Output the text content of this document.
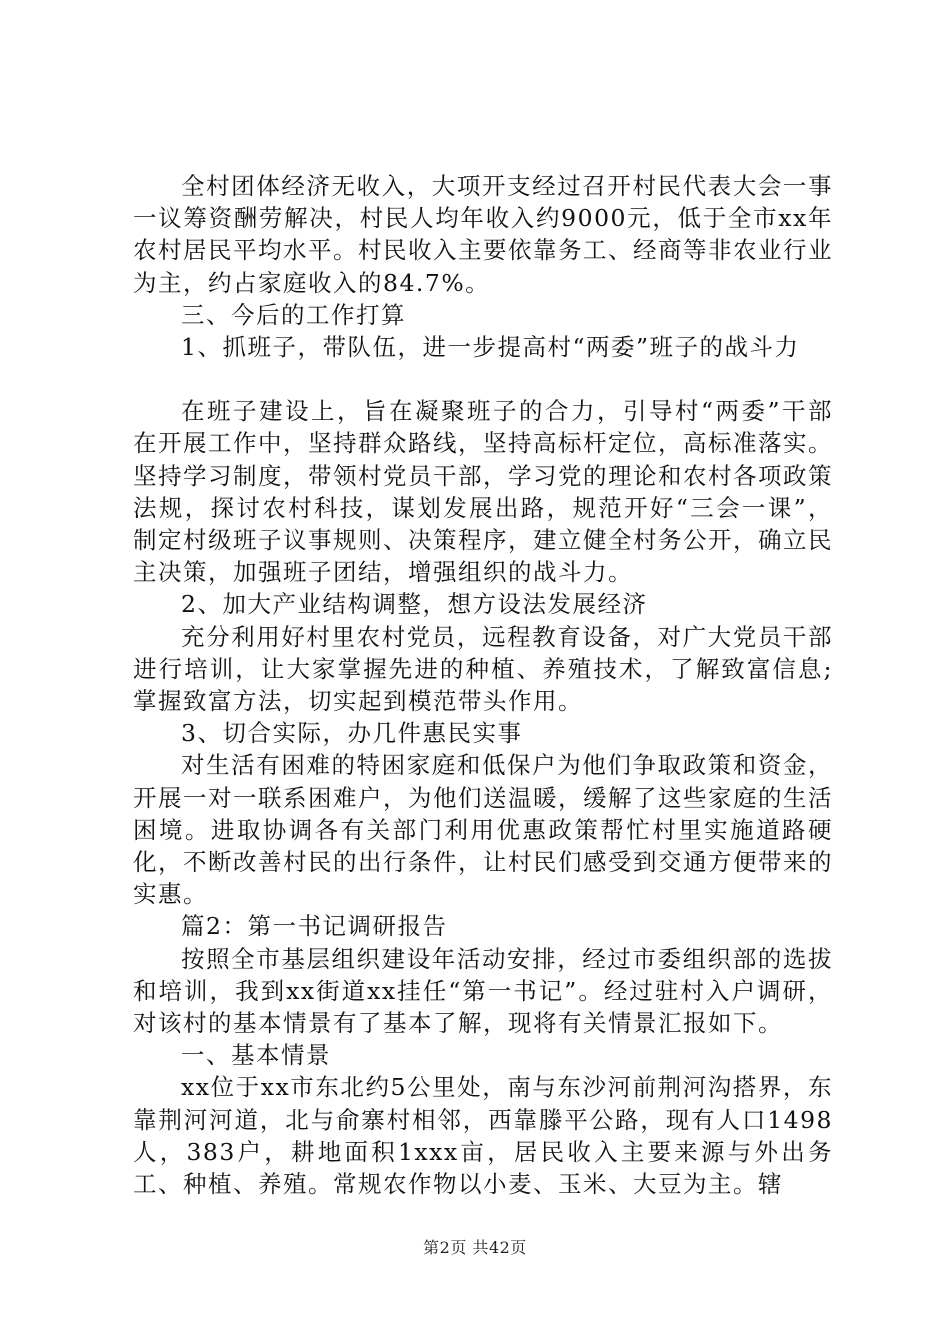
全村团体经济无收入，大项开支经过召开村民代表大会一事一议筹资酬劳解决，村民人均年收入约9000元，低于全市xx年农村居民平均水平。村民收入主要依靠务工、经商等非农业行业为主，约占家庭收入的84.7%。

三、今后的工作打算

1、抓班子，带队伍，进一步提高村“两委”班子的战斗力

在班子建设上，旨在凝聚班子的合力，引导村“两委”干部在开展工作中，坚持群众路线，坚持高标杆定位，高标准落实。坚持学习制度，带领村党员干部，学习党的理论和农村各项政策法规，探讨农村科技，谋划发展出路，规范开好“三会一课”，制定村级班子议事规则、决策程序，建立健全村务公开，确立民主决策，加强班子团结，增强组织的战斗力。

2、加大产业结构调整，想方设法发展经济

充分利用好村里农村党员，远程教育设备，对广大党员干部进行培训，让大家掌握先进的种植、养殖技术，了解致富信息;掌握致富方法，切实起到模范带头作用。

3、切合实际，办几件惠民实事

对生活有困难的特困家庭和低保户为他们争取政策和资金，开展一对一联系困难户，为他们送温暖，缓解了这些家庭的生活困境。进取协调各有关部门利用优惠政策帮忙村里实施道路硬化，不断改善村民的出行条件，让村民们感受到交通方便带来的实惠。

篇2：第一书记调研报告

按照全市基层组织建设年活动安排，经过市委组织部的选拔和培训，我到xx街道xx挂任“第一书记”。经过驻村入户调研，对该村的基本情景有了基本了解，现将有关情景汇报如下。

一、基本情景

xx位于xx市东北约5公里处，南与东沙河前荆河沟搭界，东靠荆河河道，北与俞寨村相邻，西靠滕平公路，现有人口1498人，383户，耕地面积1xxx亩，居民收入主要来源与外出务工、种植、养殖。常规农作物以小麦、玉米、大豆为主。辖

第2页 共42页
